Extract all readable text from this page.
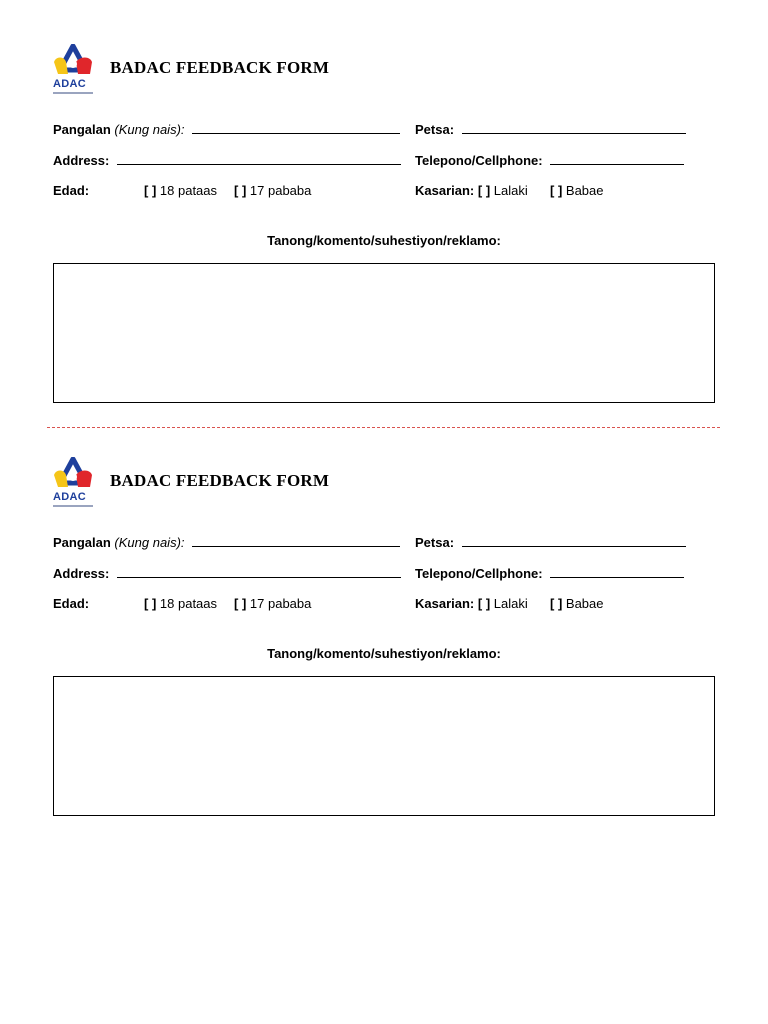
ADAC
BADAC FEEDBACK FORM
Pangalan (Kung nais):	Petsa:
Address:	Telepono/Cellphone:
Edad:	[ ] 18 pataas [ ] 17 pababa	Kasarian: [ ] Lalaki [ ] Babae
Tanong/komento/suhestiyon/reklamo:
ADAC
BADAC FEEDBACK FORM
Pangalan (Kung nais):	Petsa:
Address:	Telepono/Cellphone:
Edad:	[ ] 18 pataas [ ] 17 pababa	Kasarian: [ ] Lalaki [ ] Babae
Tanong/komento/suhestiyon/reklamo:
